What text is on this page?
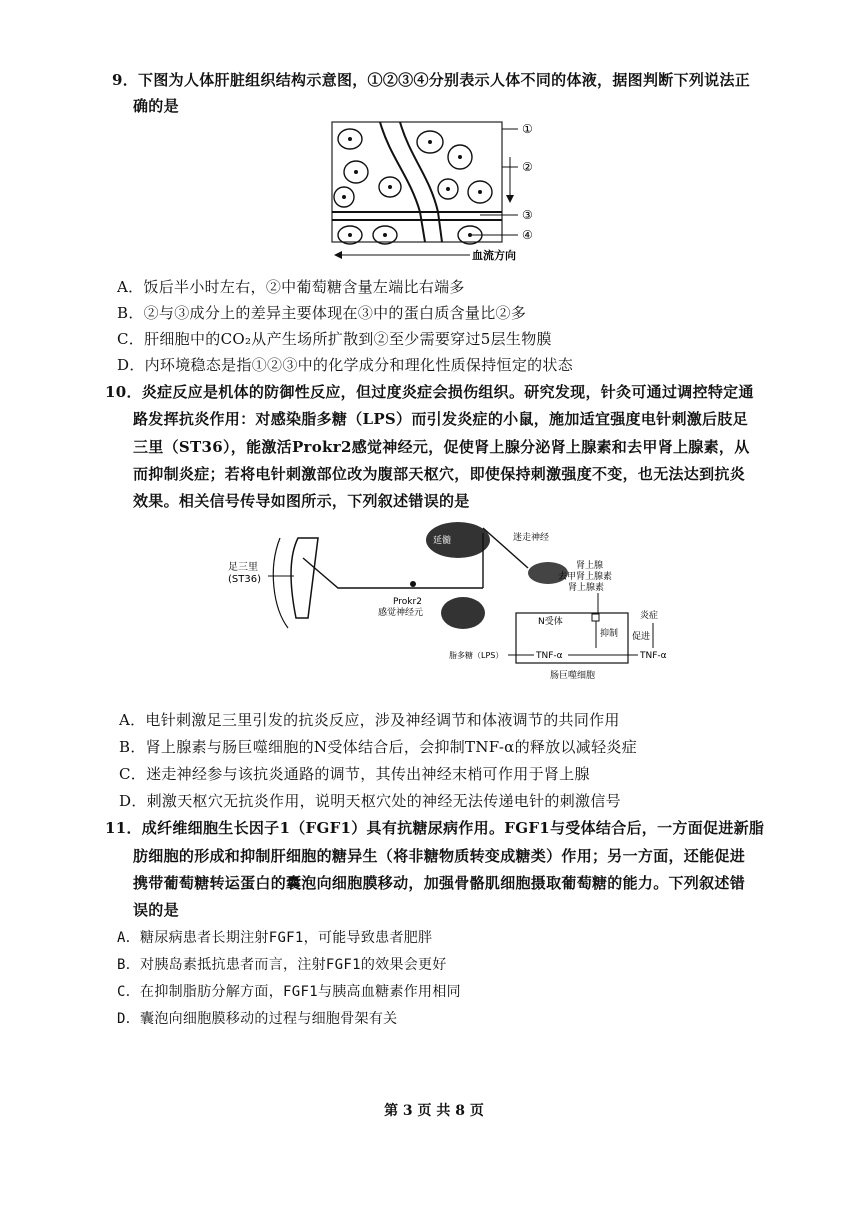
9．下图为人体肝脏组织结构示意图，①②③④分别表示人体不同的体液，据图判断下列说法正
确的是
①
②
③
④
血流方向
A．饭后半小时左右，②中葡萄糖含量左端比右端多
B．②与③成分上的差异主要体现在③中的蛋白质含量比②多
C．肝细胞中的CO₂从产生场所扩散到②至少需要穿过5层生物膜
D．内环境稳态是指①②③中的化学成分和理化性质保持恒定的状态
10．炎症反应是机体的防御性反应，但过度炎症会损伤组织。研究发现，针灸可通过调控特定通
路发挥抗炎作用：对感染脂多糖（LPS）而引发炎症的小鼠，施加适宜强度电针刺激后肢足
三里（ST36），能激活Prokr2感觉神经元，促使肾上腺分泌肾上腺素和去甲肾上腺素，从
而抑制炎症；若将电针刺激部位改为腹部天枢穴，即使保持刺激强度不变，也无法达到抗炎
效果。相关信号传导如图所示，下列叙述错误的是
足三里
(ST36)
Prokr2
感觉神经元
延髓	迷走神经
肾上腺
去甲肾上腺素
肾上腺素
N受体
抑制
脂多糖（LPS）	TNF-α	TNF-α
促进
炎症
肠巨噬细胞
A．电针刺激足三里引发的抗炎反应，涉及神经调节和体液调节的共同作用
B．肾上腺素与肠巨噬细胞的N受体结合后，会抑制TNF-α的释放以减轻炎症
C．迷走神经参与该抗炎通路的调节，其传出神经末梢可作用于肾上腺
D．刺激天枢穴无抗炎作用，说明天枢穴处的神经无法传递电针的刺激信号
11．成纤维细胞生长因子1（FGF1）具有抗糖尿病作用。FGF1与受体结合后，一方面促进新脂
肪细胞的形成和抑制肝细胞的糖异生（将非糖物质转变成糖类）作用；另一方面，还能促进
携带葡萄糖转运蛋白的囊泡向细胞膜移动，加强骨骼肌细胞摄取葡萄糖的能力。下列叙述错
误的是
A．糖尿病患者长期注射FGF1，可能导致患者肥胖
B．对胰岛素抵抗患者而言，注射FGF1的效果会更好
C．在抑制脂肪分解方面，FGF1与胰高血糖素作用相同
D．囊泡向细胞膜移动的过程与细胞骨架有关
第 3 页 共 8 页
